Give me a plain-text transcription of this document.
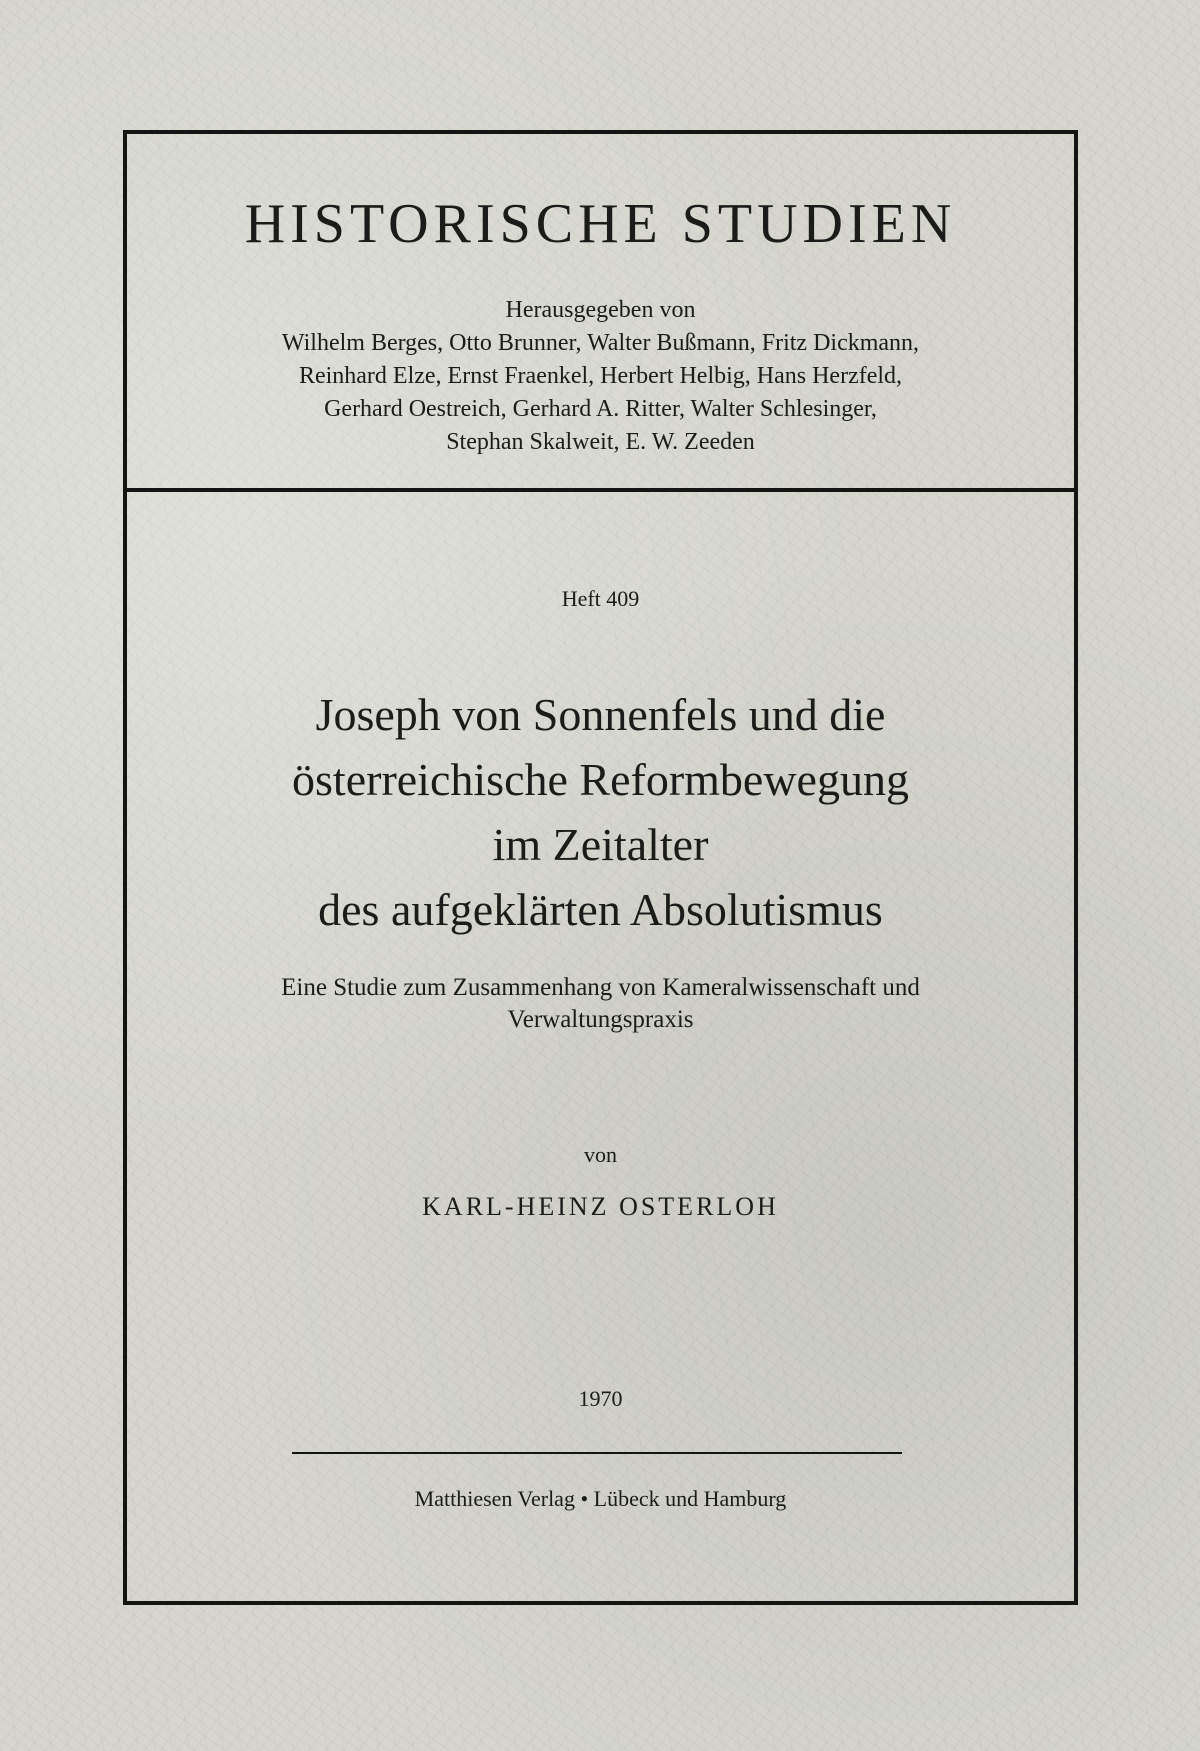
HISTORISCHE STUDIEN
Herausgegeben von
Wilhelm Berges, Otto Brunner, Walter Bußmann, Fritz Dickmann,
Reinhard Elze, Ernst Fraenkel, Herbert Helbig, Hans Herzfeld,
Gerhard Oestreich, Gerhard A. Ritter, Walter Schlesinger,
Stephan Skalweit, E. W. Zeeden
Heft 409
Joseph von Sonnenfels und die
österreichische Reformbewegung
im Zeitalter
des aufgeklärten Absolutismus
Eine Studie zum Zusammenhang von Kameralwissenschaft und
Verwaltungspraxis
von
KARL-HEINZ OSTERLOH
1970
Matthiesen Verlag • Lübeck und Hamburg
